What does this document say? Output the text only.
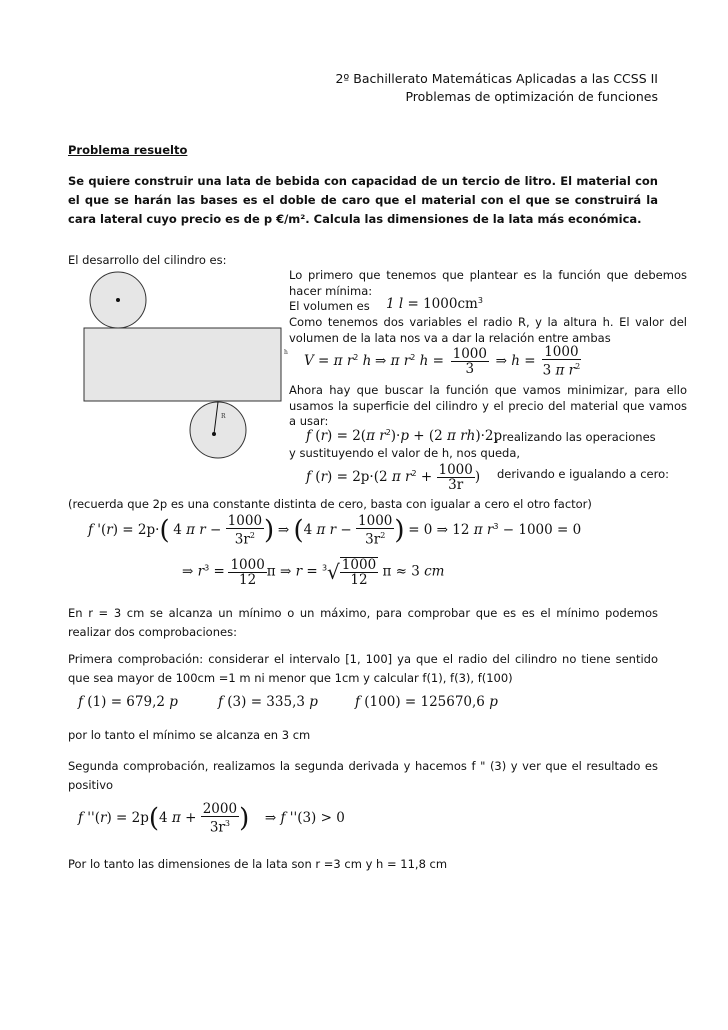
2º Bachillerato Matemáticas Aplicadas a las CCSS II
Problemas de optimización de funciones
Problema resuelto
Se quiere construir una lata de bebida con capacidad de un tercio de litro. El material con el que se harán las bases es el doble de caro que el material con el que se construirá la cara lateral cuyo precio es de p €/m². Calcula las dimensiones de la lata más económica.
El desarrollo del cilindro es:
h
R
Lo primero que tenemos que plantear es la función que debemos hacer mínima:
El volumen es 1 $l = 1000cm^3$
Como tenemos dos variables el radio R, y la altura h. El valor del volumen de la lata nos va a dar la relación entre ambas
V = π $r^2$ h ⇒ π $r^2$ $h = \frac{1000}{3}$ ⇒ $h = \frac{1000}{3 \pi r^2}$
Ahora hay que buscar la función que vamos minimizar, para ello usamos la superficie del cilindro y el precio del material que vamos a usar:
f (r) = 2(π $r^2)\cdot p + (2$ π rh)·2p
, realizando las operaciones
y sustituyendo el valor de h, nos queda,
f (r) = 2p·(2 π $r^2 + \frac{1000}{3r}$ ) derivando e igualando a cero:
(recuerda que 2p es una constante distinta de cero, basta con igualar a cero el otro factor)
f '(r) = 2p·( 4 π $r - \frac{1000}{3r^2}$ ) ⇒ (4 π $r - \frac{1000}{3r^2}$ ) = 0 ⇒ 12 π $r^3 - 1000 = 0$
⇒ $r^3 = \frac{1000}{12}$ π ⇒ $r = ^3√ \frac{1000}{12}$ π ≈ 3 cm
En r = 3 cm se alcanza un mínimo o un máximo, para comprobar que es es el mínimo podemos realizar dos comprobaciones:
Primera comprobación: considerar el intervalo [1, 100] ya que el radio del cilindro no tiene sentido que sea mayor de 100cm =1 m ni menor que 1cm y calcular f(1), f(3), f(100)
f (1) = 679,2 p	f (3) = 335,3 p	f (100) = 125670,6 p
por lo tanto el mínimo se alcanza en 3 cm
Segunda comprobación, realizamos la segunda derivada y hacemos f " (3) y ver que el resultado es positivo
f ''(r) = 2p(4 $\pi + \frac{2000}{3r^3}$ ) ⇒ f ''(3) > 0
Por lo tanto las dimensiones de la lata son r =3 cm y h = 11,8 cm
